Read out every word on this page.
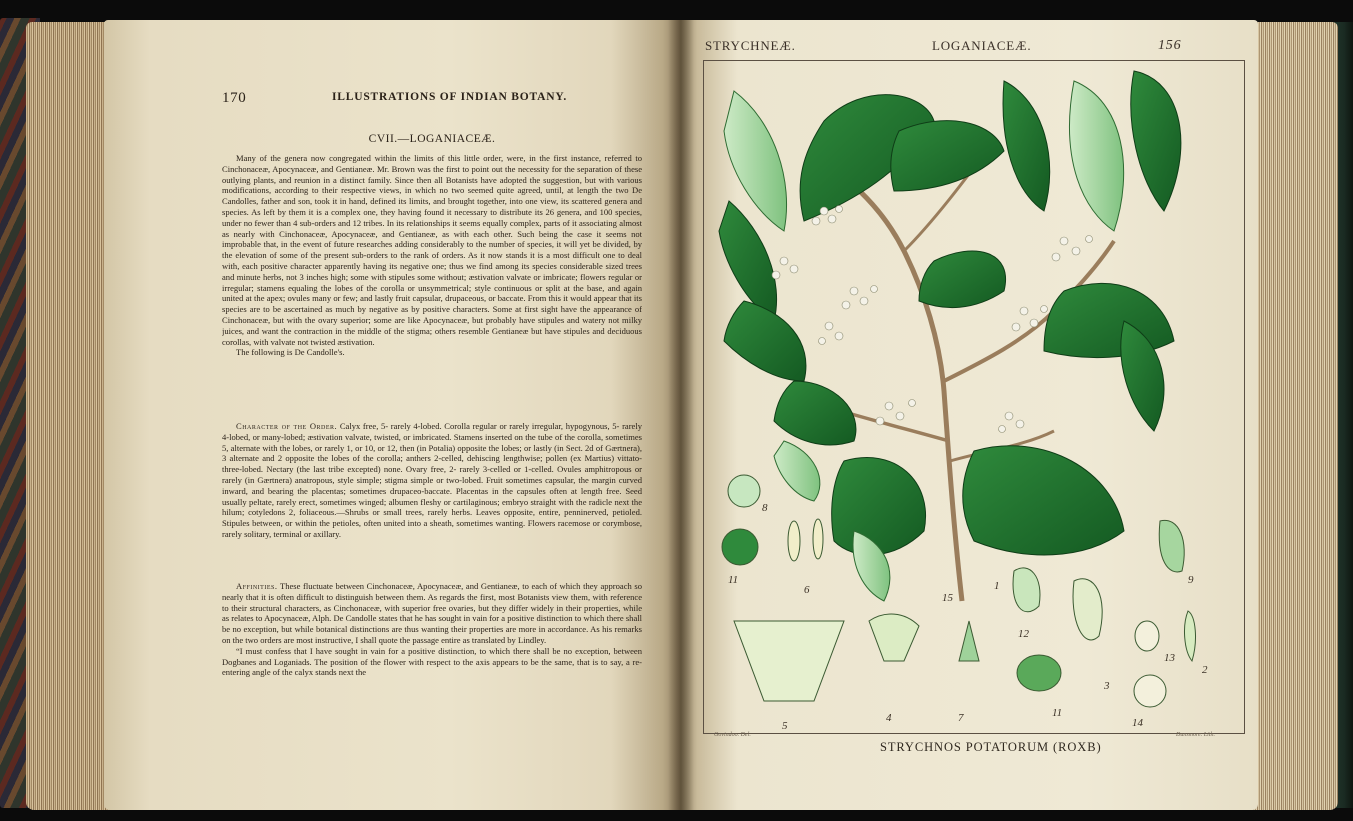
170	ILLUSTRATIONS OF INDIAN BOTANY.
CVII.—LOGANIACEÆ.

Many of the genera now congregated within the limits of this little order, were, in the first instance, referred to Cinchonaceæ, Apocynaceæ, and Gentianeæ. Mr. Brown was the first to point out the necessity for the separation of these outlying plants, and reunion in a distinct family. Since then all Botanists have adopted the suggestion, but with various modifications, according to their respective views, in which no two seemed quite agreed, until, at length the two De Candolles, father and son, took it in hand, defined its limits, and brought together, into one view, its scattered genera and species. As left by them it is a complex one, they having found it necessary to distribute its 26 genera, and 100 species, under no fewer than 4 sub-orders and 12 tribes. In its relationships it seems equally complex, parts of it associating almost as nearly with Cinchonaceæ, Apocynaceæ, and Gentianeæ, as with each other. Such being the case it seems not improbable that, in the event of future researches adding considerably to the number of species, it will yet be divided, by the elevation of some of the present sub-orders to the rank of orders. As it now stands it is a most difficult one to deal with, each positive character apparently having its negative one; thus we find among its species considerable sized trees and minute herbs, not 3 inches high; some with stipules some without; æstivation valvate or imbricate; flowers regular or irregular; stamens equaling the lobes of the corolla or unsymmetrical; style continuous or split at the base, and again united at the apex; ovules many or few; and lastly fruit capsular, drupaceous, or baccate. From this it would appear that its species are to be ascertained as much by negative as by positive characters. Some at first sight have the appearance of Cinchonaceæ, but with the ovary superior; some are like Apocynaceæ, but probably have stipules and watery not milky juices, and want the contraction in the middle of the stigma; others resemble Gentianeæ but have stipules and deciduous corollas, with valvate not twisted æstivation.

The following is De Candolle's.

Character of the Order. Calyx free, 5- rarely 4-lobed. Corolla regular or rarely irregular, hypogynous, 5- rarely 4-lobed, or many-lobed; æstivation valvate, twisted, or imbricated. Stamens inserted on the tube of the corolla, sometimes 5, alternate with the lobes, or rarely 1, or 10, or 12, then (in Potalia) opposite the lobes; or lastly (in Sect. 2d of Gærtnera), 3 alternate and 2 opposite the lobes of the corolla; anthers 2-celled, dehiscing lengthwise; pollen (ex Martius) vittato-three-lobed. Nectary (the last tribe excepted) none. Ovary free, 2- rarely 3-celled or 1-celled. Ovules amphitropous or rarely (in Gærtnera) anatropous, style simple; stigma simple or two-lobed. Fruit sometimes capsular, the margin curved inward, and bearing the placentas; sometimes drupaceo-baccate. Placentas in the capsules often at length free. Seed usually peltate, rarely erect, sometimes winged; albumen fleshy or cartilaginous; embryo straight with the radicle next the hilum; cotyledons 2, foliaceous.—Shrubs or small trees, rarely herbs. Leaves opposite, entire, penninerved, petioled. Stipules between, or within the petioles, often united into a sheath, sometimes wanting. Flowers racemose or corymbose, rarely solitary, terminal or axillary.

Affinities. These fluctuate between Cinchonaceæ, Apocynaceæ, and Gentianeæ, to each of which they approach so nearly that it is often difficult to distinguish between them. As regards the first, most Botanists view them, with reference to their structural characters, as Cinchonaceæ, with superior free ovaries, but they differ widely in their properties, while as relates to Apocynaceæ, Alph. De Candolle states that he has sought in vain for a positive distinction to which there shall be no exception, but while botanical distinctions are thus wanting their properties are more in accordance. As his remarks on the two orders are most instructive, I shall quote the passage entire as translated by Lindley.

“I must confess that I have sought in vain for a positive distinction, to which there shall be no exception, between Dogbanes and Loganiads. The position of the flower with respect to the axis appears to be the same, that is to say, a re-entering angle of the calyx stands next the

STRYCHNEÆ.	LOGANIACEÆ.	156
8
11
6
15
1	9
12
5
4	7	11
3
13
2
14
Govindoo. Del.	Dunsmore. Lith.
STRYCHNOS POTATORUM (ROXB)
